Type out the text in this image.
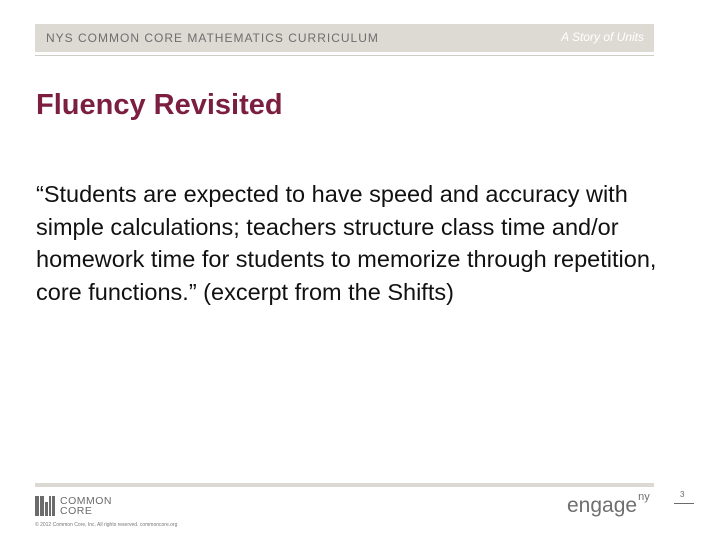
NYS COMMON CORE MATHEMATICS CURRICULUM	A Story of Units
Fluency Revisited
“Students are expected to have speed and accuracy with simple calculations; teachers structure class time and/or homework time for students to memorize through repetition, core functions.” (excerpt from the Shifts)
COMMON
CORE
© 2012 Common Core, Inc. All rights reserved. commoncore.org
engage$^{ny}$	3
